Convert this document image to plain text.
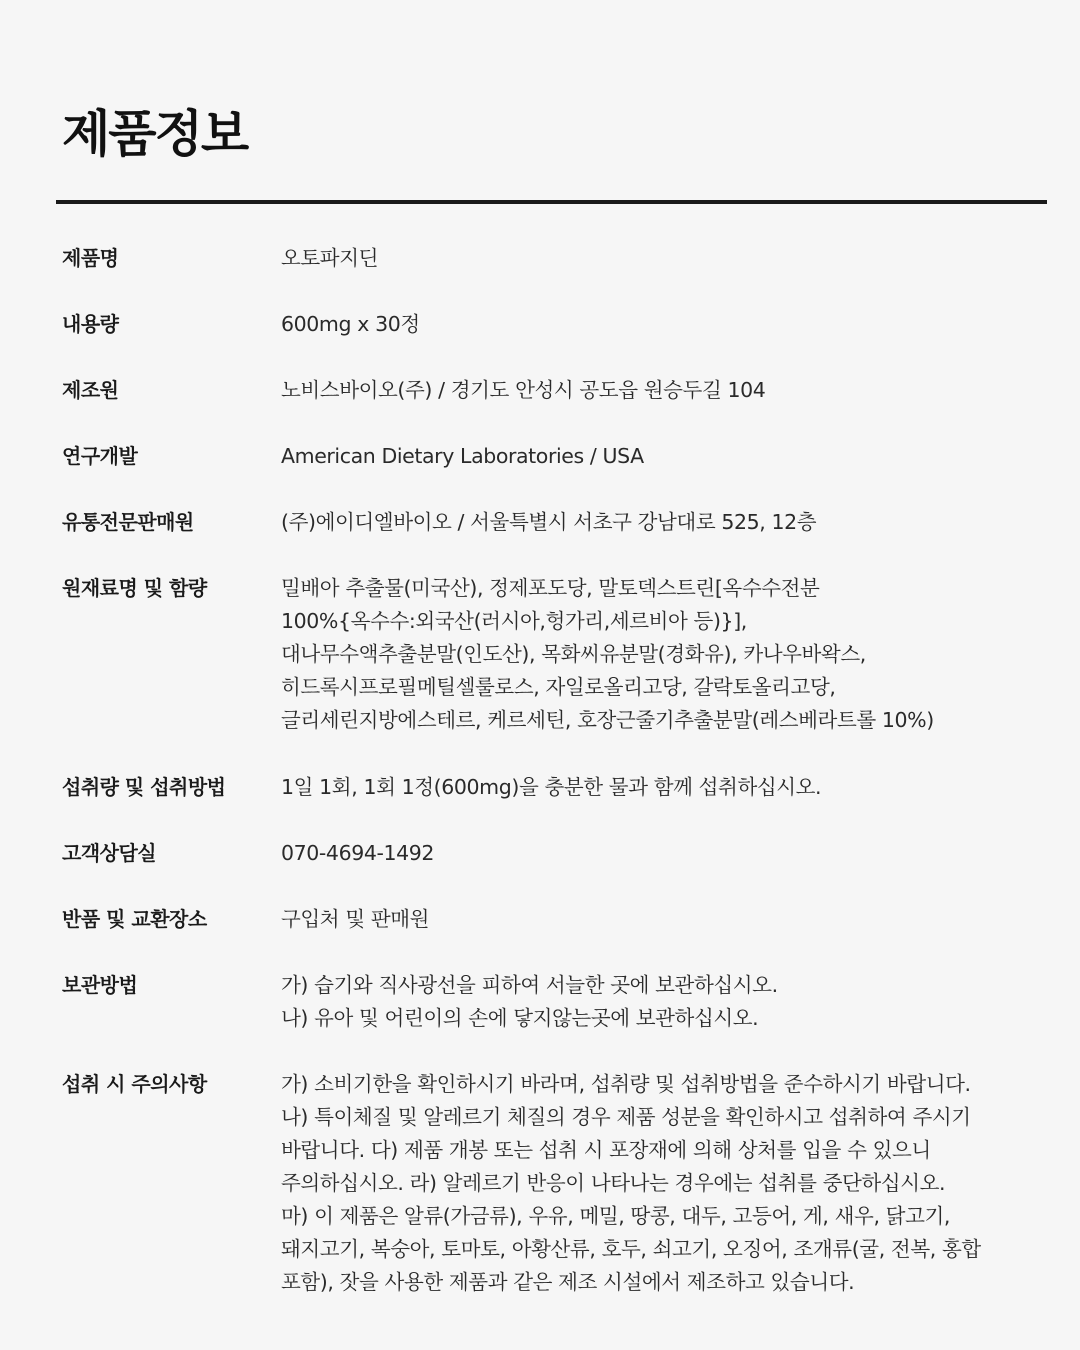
제품정보
제품명	오토파지딘
내용량	600mg x 30정
제조원	노비스바이오(주) / 경기도 안성시 공도읍 원승두길 104
연구개발	American Dietary Laboratories / USA
유통전문판매원	(주)에이디엘바이오 / 서울특별시 서초구 강남대로 525, 12층
원재료명 및 함량	밀배아 추출물(미국산), 정제포도당, 말토덱스트린[옥수수전분
100%{옥수수:외국산(러시아,헝가리,세르비아 등)}],
대나무수액추출분말(인도산), 목화씨유분말(경화유), 카나우바왁스,
히드록시프로필메틸셀룰로스, 자일로올리고당, 갈락토올리고당,
글리세린지방에스테르, 케르세틴, 호장근줄기추출분말(레스베라트롤 10%)
섭취량 및 섭취방법	1일 1회, 1회 1정(600mg)을 충분한 물과 함께 섭취하십시오.
고객상담실	070-4694-1492
반품 및 교환장소	구입처 및 판매원
보관방법	가) 습기와 직사광선을 피하여 서늘한 곳에 보관하십시오.
나) 유아 및 어린이의 손에 닿지않는곳에 보관하십시오.
섭취 시 주의사항	가) 소비기한을 확인하시기 바라며, 섭취량 및 섭취방법을 준수하시기 바랍니다.
나) 특이체질 및 알레르기 체질의 경우 제품 성분을 확인하시고 섭취하여 주시기
바랍니다. 다) 제품 개봉 또는 섭취 시 포장재에 의해 상처를 입을 수 있으니
주의하십시오. 라) 알레르기 반응이 나타나는 경우에는 섭취를 중단하십시오.
마) 이 제품은 알류(가금류), 우유, 메밀, 땅콩, 대두, 고등어, 게, 새우, 닭고기,
돼지고기, 복숭아, 토마토, 아황산류, 호두, 쇠고기, 오징어, 조개류(굴, 전복, 홍합
포함), 잣을 사용한 제품과 같은 제조 시설에서 제조하고 있습니다.
